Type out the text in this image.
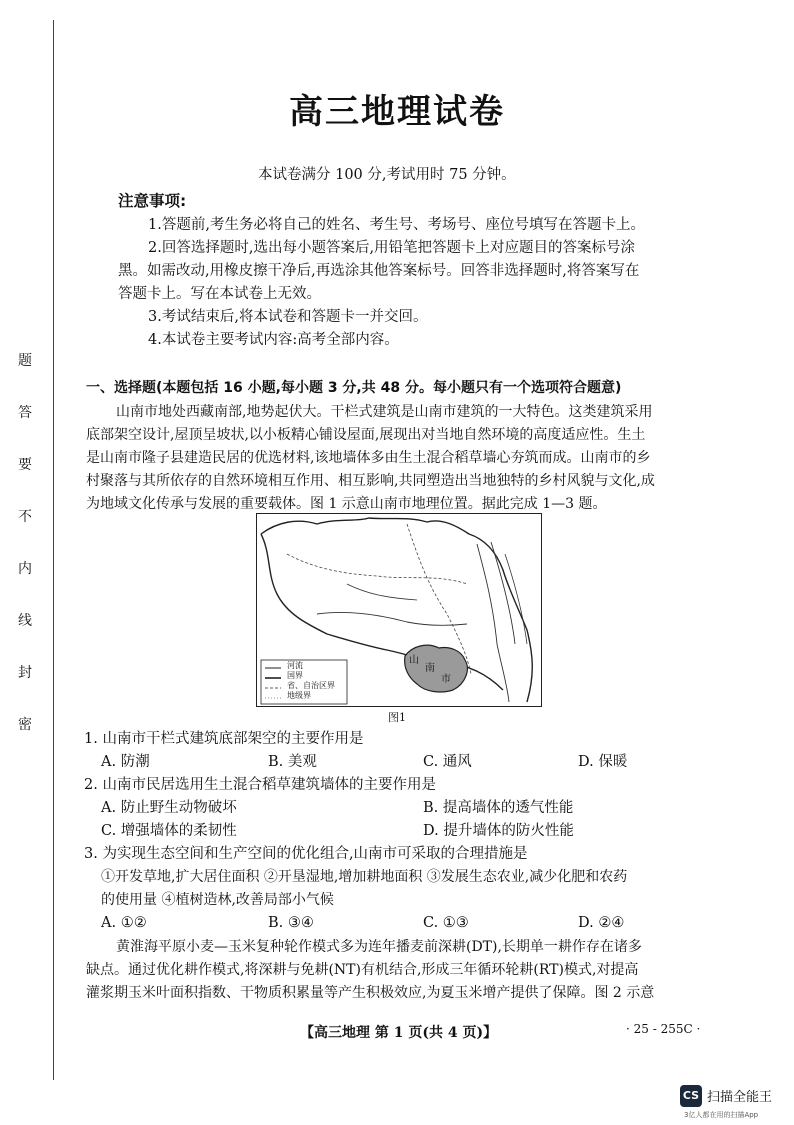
题
答
要
不
内
线
封
密
高三地理试卷
本试卷满分 100 分,考试用时 75 分钟。
注意事项:
1.答题前,考生务必将自己的姓名、考生号、考场号、座位号填写在答题卡上。
2.回答选择题时,选出每小题答案后,用铅笔把答题卡上对应题目的答案标号涂
黑。如需改动,用橡皮擦干净后,再选涂其他答案标号。回答非选择题时,将答案写在
答题卡上。写在本试卷上无效。
3.考试结束后,将本试卷和答题卡一并交回。
4.本试卷主要考试内容:高考全部内容。
一、选择题(本题包括 16 小题,每小题 3 分,共 48 分。每小题只有一个选项符合题意)
山南市地处西藏南部,地势起伏大。干栏式建筑是山南市建筑的一大特色。这类建筑采用
底部架空设计,屋顶呈坡状,以小板精心铺设屋面,展现出对当地自然环境的高度适应性。生土
是山南市隆子县建造民居的优选材料,该地墙体多由生土混合稻草墙心夯筑而成。山南市的乡
村聚落与其所依存的自然环境相互作用、相互影响,共同塑造出当地独特的乡村风貌与文化,成
为地域文化传承与发展的重要载体。图 1 示意山南市地理位置。据此完成 1—3 题。
河流
国界
省、自治区界
地级界
山
南
市
图1
1. 山南市干栏式建筑底部架空的主要作用是
A. 防潮	B. 美观	C. 通风	D. 保暖
2. 山南市民居选用生土混合稻草建筑墙体的主要作用是
A. 防止野生动物破坏	B. 提高墙体的透气性能
C. 增强墙体的柔韧性	D. 提升墙体的防火性能
3. 为实现生态空间和生产空间的优化组合,山南市可采取的合理措施是
①开发草地,扩大居住面积 ②开垦湿地,增加耕地面积 ③发展生态农业,减少化肥和农药
的使用量 ④植树造林,改善局部小气候
A. ①②	B. ③④	C. ①③	D. ②④
黄淮海平原小麦—玉米复种轮作模式多为连年播麦前深耕(DT),长期单一耕作存在诸多
缺点。通过优化耕作模式,将深耕与免耕(NT)有机结合,形成三年循环轮耕(RT)模式,对提高
灌浆期玉米叶面积指数、干物质积累量等产生积极效应,为夏玉米增产提供了保障。图 2 示意
【高三地理 第 1 页(共 4 页)】	· 25 - 255C ·
CS 扫描全能王
3亿人都在用的扫描App
